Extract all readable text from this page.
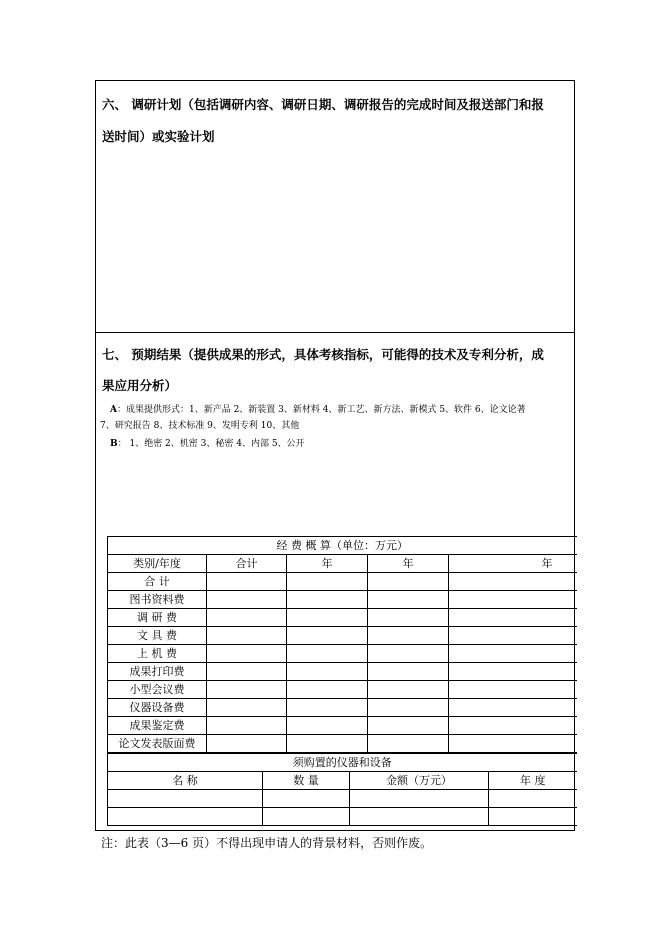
六、 调研计划（包括调研内容、调研日期、调研报告的完成时间及报送部门和报
送时间）或实验计划
七、 预期结果（提供成果的形式，具体考核指标，可能得的技术及专利分析，成
果应用分析）
A：成果提供形式：1、新产品 2、新装置 3、新材料 4、新工艺、新方法、新模式 5、软件 6、论文论著
7、研究报告 8、技术标准 9、发明专利 10、其他
B： 1、绝密 2、机密 3、秘密 4、内部 5、公开
经 费 概 算（单位：万元）				
类别/年度	合计	年	年	年
合 计				
图书资料费				
调 研 费				
文 具 费				
上 机 费				
成果打印费				
小型会议费				
仪器设备费				
成果鉴定费				
论文发表版面费				
须购置的仪器和设备			
名 称	数 量	金额（万元）	年 度

注：此表（3—6 页）不得出现申请人的背景材料，否则作废。
